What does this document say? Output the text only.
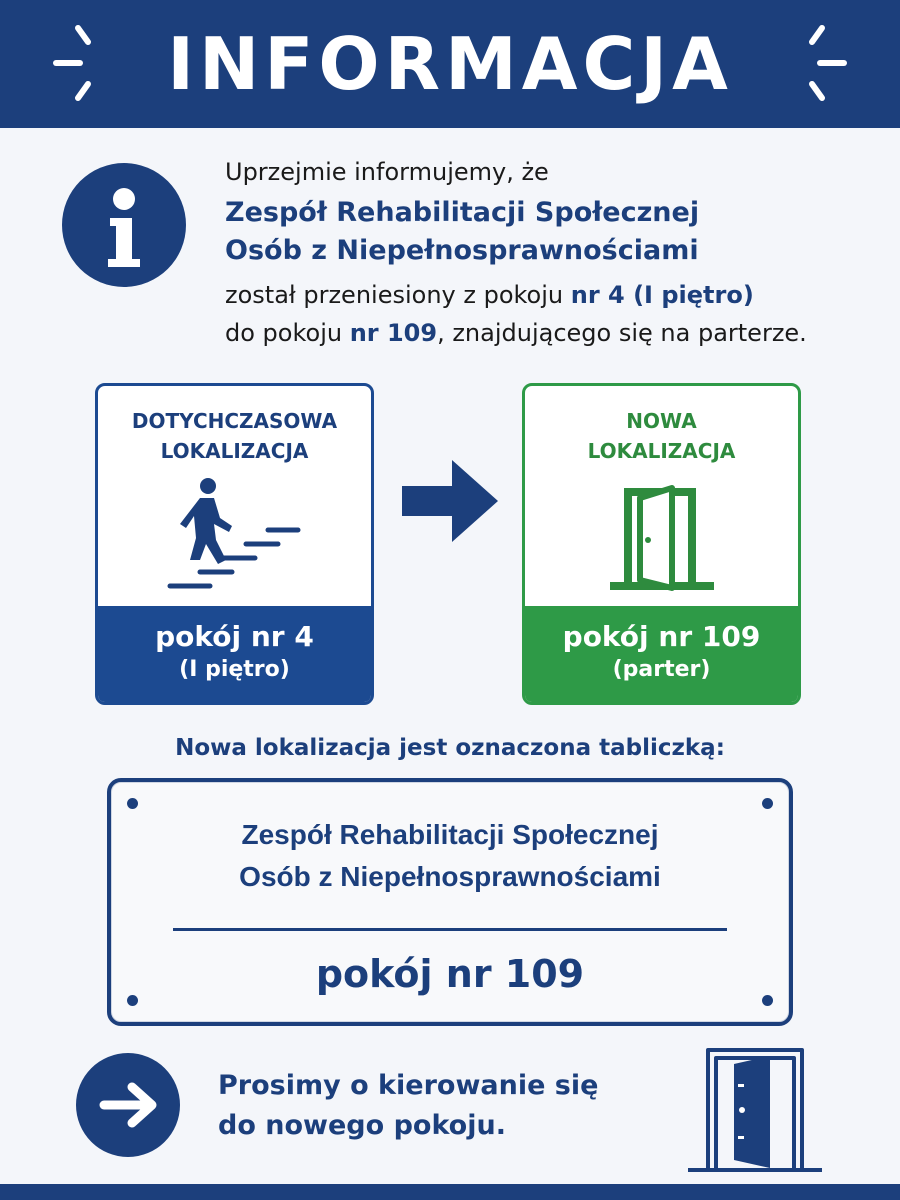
INFORMACJA
Uprzejmie informujemy, że
Zespół Rehabilitacji Społecznej
Osób z Niepełnosprawnościami
został przeniesiony z pokoju nr 4 (I piętro)
do pokoju nr 109, znajdującego się na parterze.
DOTYCHCZASOWA
LOKALIZACJA
pokój nr 4
(I piętro)
NOWA
LOKALIZACJA
pokój nr 109
(parter)
Nowa lokalizacja jest oznaczona tabliczką:
Zespół Rehabilitacji Społecznej
Osób z Niepełnosprawnościami
pokój nr 109
Prosimy o kierowanie się
do nowego pokoju.
